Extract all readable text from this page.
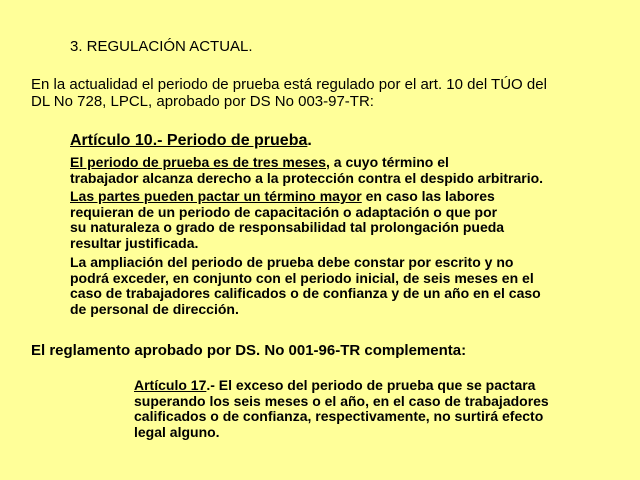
3. REGULACIÓN ACTUAL.
En la actualidad el periodo de prueba está regulado por el art. 10 del TÚO del
DL No 728, LPCL, aprobado por DS No 003-97-TR:
Artículo 10.- Periodo de prueba.
El periodo de prueba es de tres meses, a cuyo término el
trabajador alcanza derecho a la protección contra el despido arbitrario.
Las partes pueden pactar un término mayor en caso las labores
requieran de un periodo de capacitación o adaptación o que por
su naturaleza o grado de responsabilidad tal prolongación pueda
resultar justificada.
La ampliación del periodo de prueba debe constar por escrito y no
podrá exceder, en conjunto con el periodo inicial, de seis meses en el
caso de trabajadores calificados o de confianza y de un año en el caso
de personal de dirección.
El reglamento aprobado por DS. No 001-96-TR complementa:
Artículo 17.- El exceso del periodo de prueba que se pactara
superando los seis meses o el año, en el caso de trabajadores
calificados o de confianza, respectivamente, no surtirá efecto
legal alguno.
